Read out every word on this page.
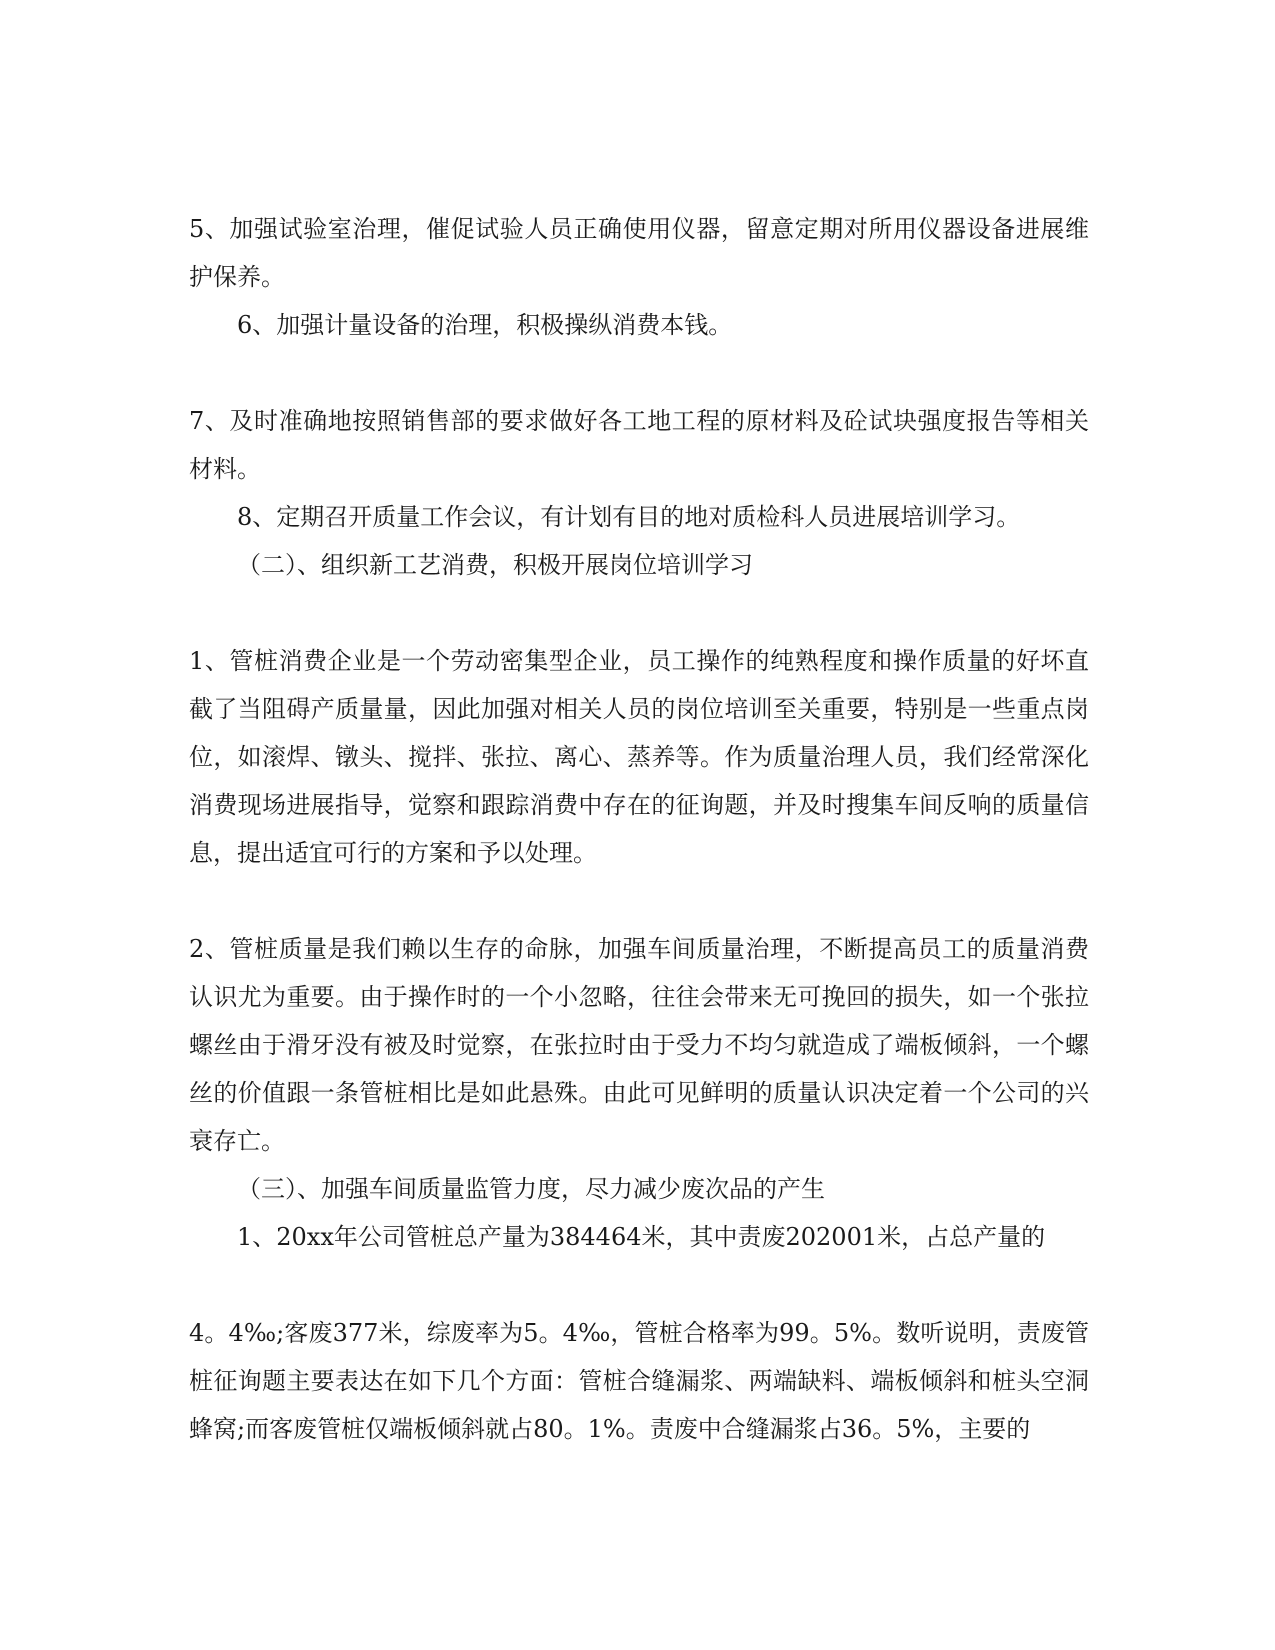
5、加强试验室治理，催促试验人员正确使用仪器，留意定期对所用仪器设备进展维护保养。

6、加强计量设备的治理，积极操纵消费本钱。

7、及时准确地按照销售部的要求做好各工地工程的原材料及砼试块强度报告等相关材料。

8、定期召开质量工作会议，有计划有目的地对质检科人员进展培训学习。

（二）、组织新工艺消费，积极开展岗位培训学习

1、管桩消费企业是一个劳动密集型企业，员工操作的纯熟程度和操作质量的好坏直截了当阻碍产质量量，因此加强对相关人员的岗位培训至关重要，特别是一些重点岗位，如滚焊、镦头、搅拌、张拉、离心、蒸养等。作为质量治理人员，我们经常深化消费现场进展指导，觉察和跟踪消费中存在的征询题，并及时搜集车间反响的质量信息，提出适宜可行的方案和予以处理。

2、管桩质量是我们赖以生存的命脉，加强车间质量治理，不断提高员工的质量消费认识尤为重要。由于操作时的一个小忽略，往往会带来无可挽回的损失，如一个张拉螺丝由于滑牙没有被及时觉察，在张拉时由于受力不均匀就造成了端板倾斜，一个螺丝的价值跟一条管桩相比是如此悬殊。由此可见鲜明的质量认识决定着一个公司的兴衰存亡。

（三）、加强车间质量监管力度，尽力减少废次品的产生

1、20xx年公司管桩总产量为384464米，其中责废202001米，占总产量的

4。4‰;客废377米，综废率为5。4‰，管桩合格率为99。5%。数听说明，责废管桩征询题主要表达在如下几个方面：管桩合缝漏浆、两端缺料、端板倾斜和桩头空洞蜂窝;而客废管桩仅端板倾斜就占80。1%。责废中合缝漏浆占36。5%，主要的
